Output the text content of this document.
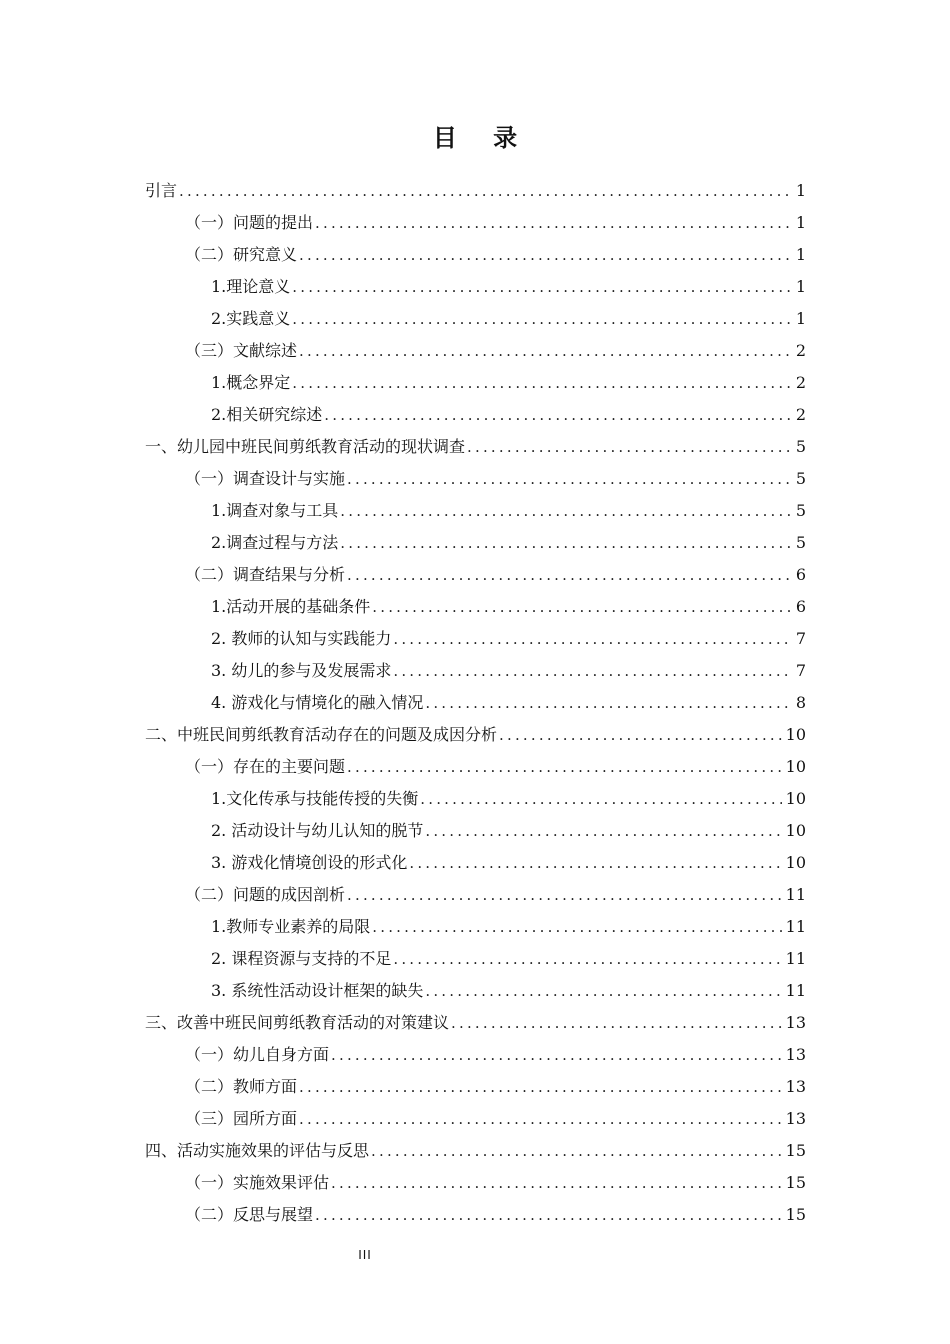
目 录
引言 .....	1
（一）问题的提出 .....	1
（二）研究意义 .....	1
1.理论意义 .....	1
2.实践意义 .....	1
（三）文献综述 .....	2
1.概念界定 .....	2
2.相关研究综述 .....	2
一、幼儿园中班民间剪纸教育活动的现状调查 .....	5
（一）调查设计与实施 .....	5
1.调查对象与工具 .....	5
2.调查过程与方法 .....	5
（二）调查结果与分析 .....	6
1.活动开展的基础条件 .....	6
2. 教师的认知与实践能力 .....	7
3. 幼儿的参与及发展需求 .....	7
4. 游戏化与情境化的融入情况 .....	8
二、中班民间剪纸教育活动存在的问题及成因分析 .....	10
（一）存在的主要问题 .....	10
1.文化传承与技能传授的失衡 .....	10
2. 活动设计与幼儿认知的脱节 .....	10
3. 游戏化情境创设的形式化 .....	10
（二）问题的成因剖析 .....	11
1.教师专业素养的局限 .....	11
2. 课程资源与支持的不足 .....	11
3. 系统性活动设计框架的缺失 .....	11
三、改善中班民间剪纸教育活动的对策建议 .....	13
（一）幼儿自身方面 .....	13
（二）教师方面 .....	13
（三）园所方面 .....	13
四、活动实施效果的评估与反思 .....	15
（一）实施效果评估 .....	15
（二）反思与展望 .....	15
III
